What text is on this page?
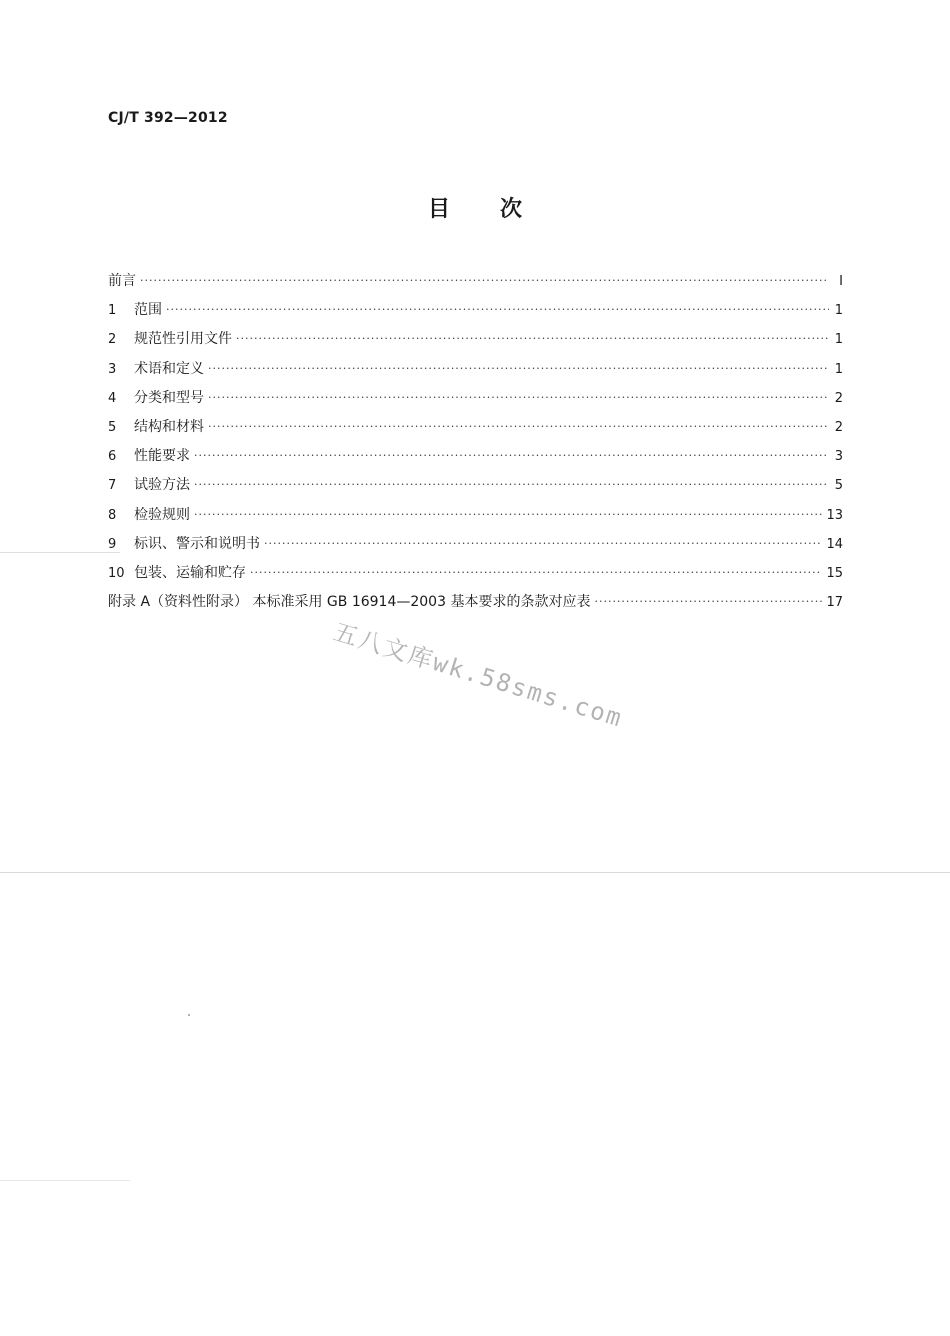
CJ/T 392—2012
目次
前言 ·····	Ⅰ
1	范围 ·····	1
2	规范性引用文件 ·····	1
3	术语和定义 ·····	1
4	分类和型号 ·····	2
5	结构和材料 ·····	2
6	性能要求 ·····	3
7	试验方法 ·····	5
8	检验规则 ·····	13
9	标识、警示和说明书 ·····	14
10 包装、运输和贮存 ·····	15
附录 A（资料性附录） 本标准采用 GB 16914—2003 基本要求的条款对应表 ·····	17
五八文库wk.58sms.com
